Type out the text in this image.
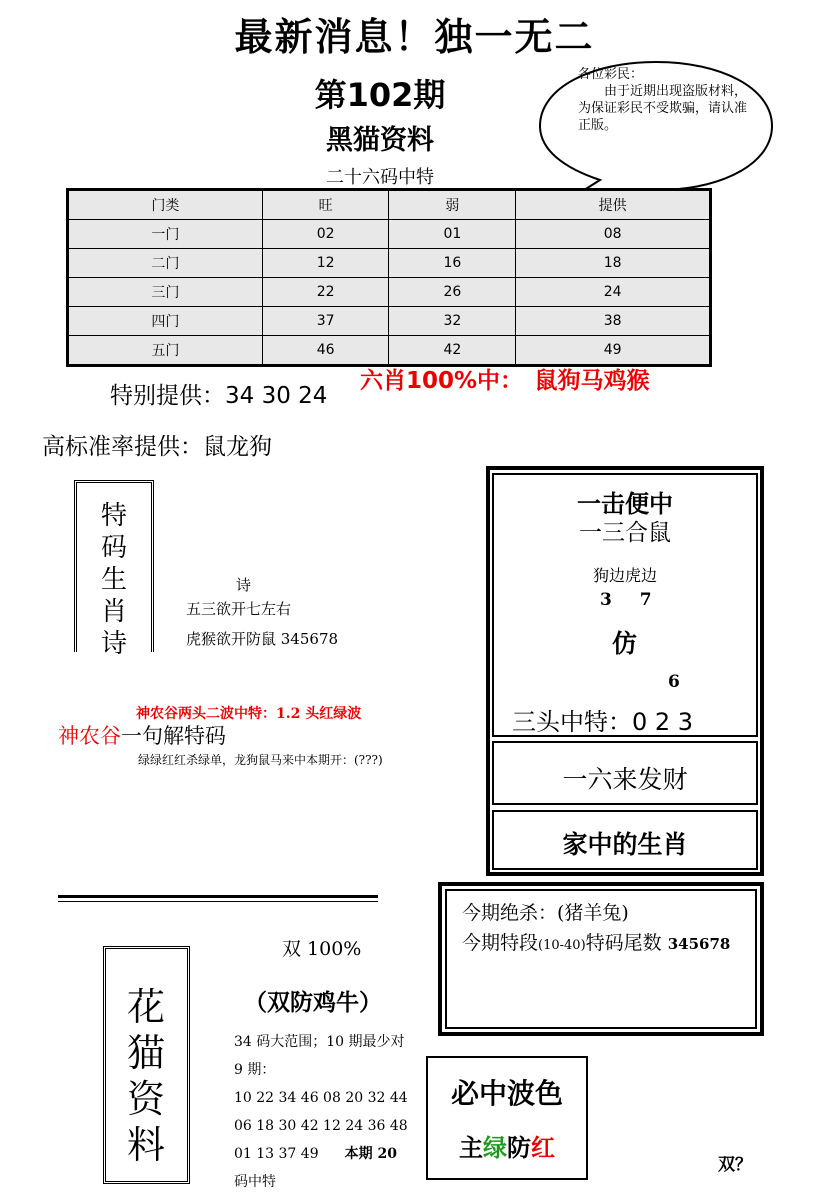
最新消息！独一无二
第102期
黑猫资料
二十六码中特
各位彩民：
由于近期出现盗版材料，为保证彩民不受欺骗，请认准正版。
门类	旺	弱	提供
一门	02	01	08
二门	12	16	18
三门	22	26	24
四门	37	32	38
五门	46	42	49
特别提供：34 30 24
六肖100%中：　鼠狗马鸡猴
高标准率提供：鼠龙狗
特
码
生
肖
诗
诗
五三欲开七左右
虎猴欲开防鼠 345678
一击便中
一三合鼠
狗边虎边
3 7
仿
6
三头中特：0 2 3
一六来发财
家中的生肖
神农谷两头二波中特：1.2 头红绿波
神农谷一句解特码
绿绿红红杀绿单，龙狗鼠马来中本期开：(???)
今期绝杀：(猪羊兔)
今期特段(10-40)特码尾数 345678
双 100%
（双防鸡牛）
花
猫
资
料
34 码大范围；10 期最少对
9 期：
10 22 34 46 08 20 32 44
06 18 30 42 12 24 36 48
01 13 37 49 本期 20
码中特
必中波色
主绿防红
双？
